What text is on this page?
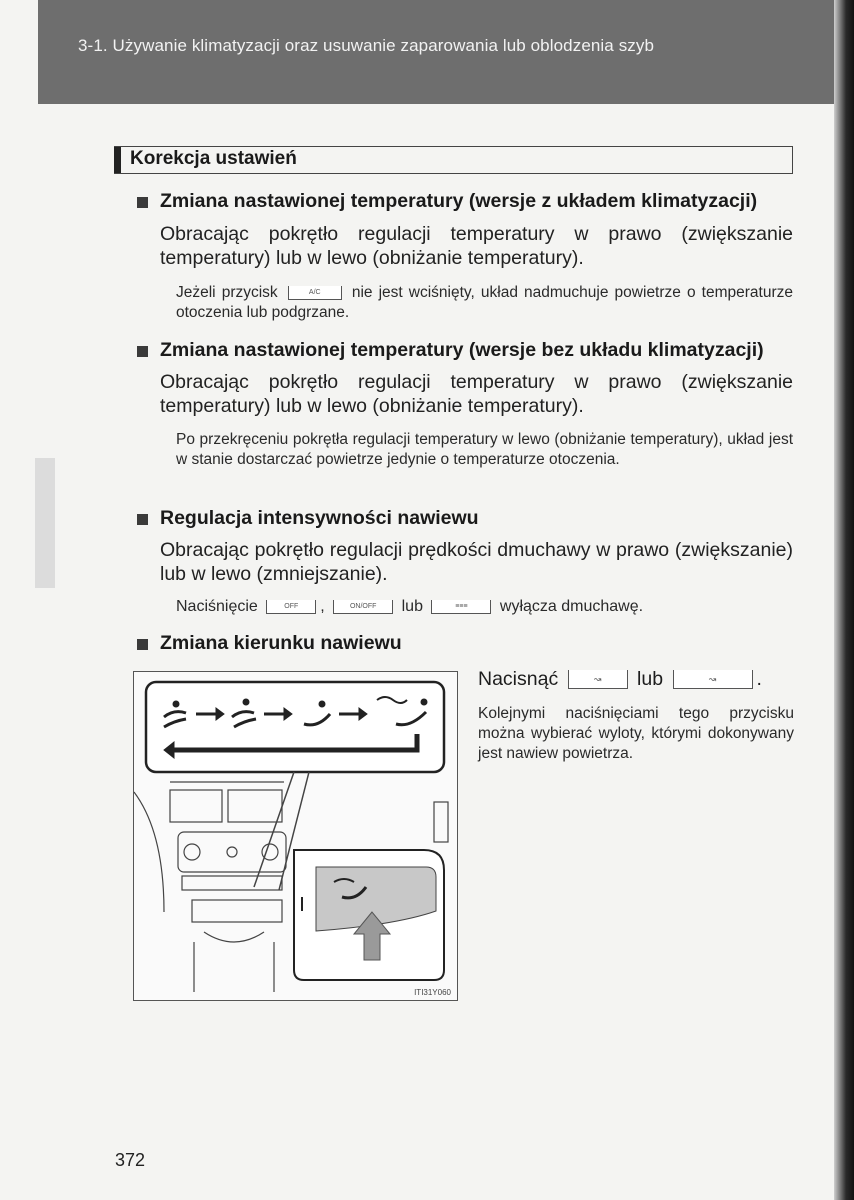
3-1. Używanie klimatyzacji oraz usuwanie zaparowania lub oblodzenia szyb
Korekcja ustawień
Zmiana nastawionej temperatury (wersje z układem klimatyzacji)
Obracając pokrętło regulacji temperatury w prawo (zwiększanie temperatury) lub w lewo (obniżanie temperatury).
Jeżeli przycisk	A/C nie jest wciśnięty, układ nadmuchuje powietrze o temperaturze otoczenia lub podgrzane.
Zmiana nastawionej temperatury (wersje bez układu klimatyzacji)
Obracając pokrętło regulacji temperatury w prawo (zwiększanie temperatury) lub w lewo (obniżanie temperatury).
Po przekręceniu pokrętła regulacji temperatury w lewo (obniżanie temperatury), układ jest w stanie dostarczać powietrze jedynie o temperaturze otoczenia.
Regulacja intensywności nawiewu
Obracając pokrętło regulacji prędkości dmuchawy w prawo (zwiększanie) lub w lewo (zmniejszanie).
Naciśnięcie	OFF ,	ON/OFF lub	≡≡≡ wyłącza dmuchawę.
Zmiana kierunku nawiewu
ITI31Y060
Nacisnąć	↝ lub	↝ .
Kolejnymi naciśnięciami tego przycisku można wybierać wyloty, którymi dokonywany jest nawiew powietrza.
372
